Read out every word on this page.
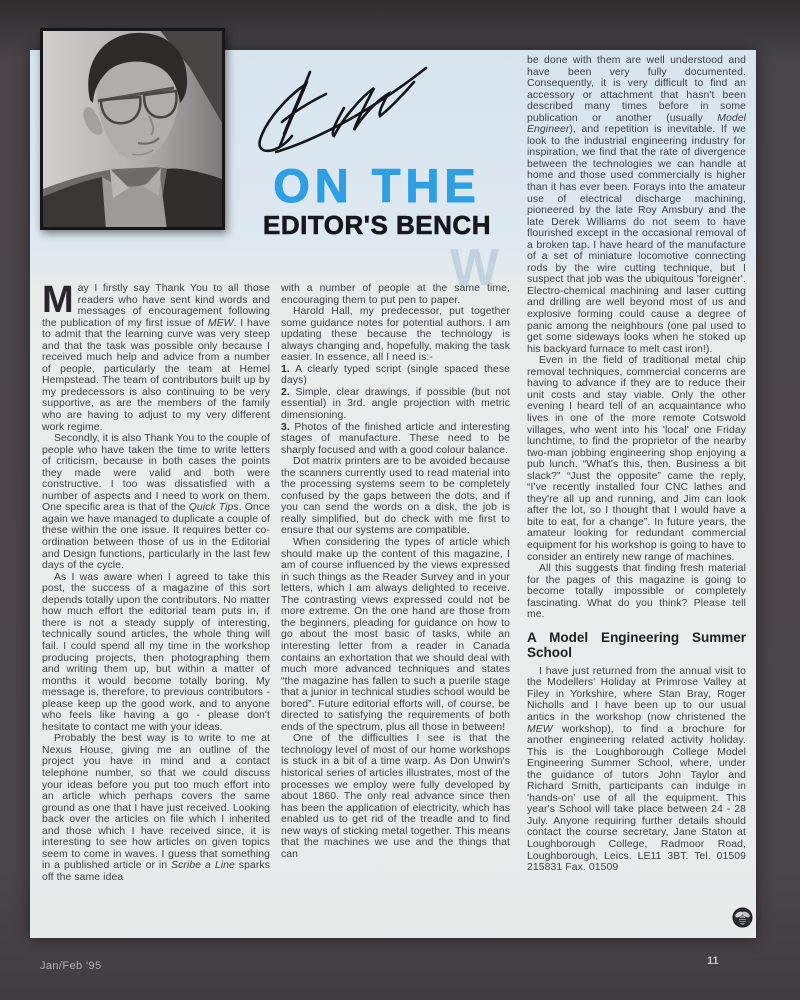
ON THE
EDITOR'S BENCH
W

May I firstly say Thank You to all those readers who have sent kind words and messages of encouragement following the publication of my first issue of MEW. I have to admit that the learning curve was very steep and that the task was possible only because I received much help and advice from a number of people, particularly the team at Hemel Hempstead. The team of contributors built up by my predecessors is also continuing to be very supportive, as are the members of the family who are having to adjust to my very different work regime.

Secondly, it is also Thank You to the couple of people who have taken the time to write letters of criticism, because in both cases the points they made were valid and both were constructive. I too was dissatisfied with a number of aspects and I need to work on them. One specific area is that of the Quick Tips. Once again we have managed to duplicate a couple of these within the one issue. It requires better co-ordination between those of us in the Editorial and Design functions, particularly in the last few days of the cycle.

As I was aware when I agreed to take this post, the success of a magazine of this sort depends totally upon the contributors. No matter how much effort the editorial team puts in, if there is not a steady supply of interesting, technically sound articles, the whole thing will fail. I could spend all my time in the workshop producing projects, then photographing them and writing them up, but within a matter of months it would become totally boring. My message is, therefore, to previous contributors - please keep up the good work, and to anyone who feels like having a go - please don't hesitate to contact me with your ideas.

Probably the best way is to write to me at Nexus House, giving me an outline of the project you have in mind and a contact telephone number, so that we could discuss your ideas before you put too much effort into an article which perhaps covers the same ground as one that I have just received. Looking back over the articles on file which I inherited and those which I have received since, it is interesting to see how articles on given topics seem to come in waves. I guess that something in a published article or in Scribe a Line sparks off the same idea

with a number of people at the same time, encouraging them to put pen to paper.

Harold Hall, my predecessor, put together some guidance notes for potential authors. I am updating these because the technology is always changing and, hopefully, making the task easier. In essence, all I need is:-

1. A clearly typed script (single spaced these days)

2. Simple, clear drawings, if possible (but not essential) in 3rd. angle projection with metric dimensioning.

3. Photos of the finished article and interesting stages of manufacture. These need to be sharply focused and with a good colour balance.

Dot matrix printers are to be avoided because the scanners currently used to read material into the processing systems seem to be completely confused by the gaps between the dots, and if you can send the words on a disk, the job is really simplified, but do check with me first to ensure that our systems are compatible.

When considering the types of article which should make up the content of this magazine, I am of course influenced by the views expressed in such things as the Reader Survey and in your letters, which I am always delighted to receive. The contrasting views expressed could not be more extreme. On the one hand are those from the beginners, pleading for guidance on how to go about the most basic of tasks, while an interesting letter from a reader in Canada contains an exhortation that we should deal with much more advanced techniques and states “the magazine has fallen to such a puerile stage that a junior in technical studies school would be bored”. Future editorial efforts will, of course, be directed to satisfying the requirements of both ends of the spectrum, plus all those in between!

One of the difficulties I see is that the technology level of most of our home workshops is stuck in a bit of a time warp. As Don Unwin's historical series of articles illustrates, most of the processes we employ were fully developed by about 1860. The only real advance since then has been the application of electricity, which has enabled us to get rid of the treadle and to find new ways of sticking metal together. This means that the machines we use and the things that can

be done with them are well understood and have been very fully documented. Consequently, it is very difficult to find an accessory or attachment that hasn't been described many times before in some publication or another (usually Model Engineer), and repetition is inevitable. If we look to the industrial engineering industry for inspiration, we find that the rate of divergence between the technologies we can handle at home and those used commercially is higher than it has ever been. Forays into the amateur use of electrical discharge machining, pioneered by the late Roy Amsbury and the late Derek Williams do not seem to have flourished except in the occasional removal of a broken tap. I have heard of the manufacture of a set of miniature locomotive connecting rods by the wire cutting technique, but I suspect that job was the ubiquitous 'foreigner'. Electro-chemical machining and laser cutting and drilling are well beyond most of us and explosive forming could cause a degree of panic among the neighbours (one pal used to get some sideways looks when he stoked up his backyard furnace to melt cast iron!).

Even in the field of traditional metal chip removal techniques, commercial concerns are having to advance if they are to reduce their unit costs and stay viable. Only the other evening I heard tell of an acquaintance who lives in one of the more remote Cotswold villages, who went into his 'local' one Friday lunchtime, to find the proprietor of the nearby two-man jobbing engineering shop enjoying a pub lunch. “What's this, then. Business a bit slack?” “Just the opposite” came the reply, “I've recently installed four CNC lathes and they're all up and running, and Jim can look after the lot, so I thought that I would have a bite to eat, for a change”. In future years, the amateur looking for redundant commercial equipment for his workshop is going to have to consider an entirely new range of machines.

All this suggests that finding fresh material for the pages of this magazine is going to become totally impossible or completely fascinating. What do you think? Please tell me.

A Model Engineering Summer School

I have just returned from the annual visit to the Modellers' Holiday at Primrose Valley at Filey in Yorkshire, where Stan Bray, Roger Nicholls and I have been up to our usual antics in the workshop (now christened the MEW workshop), to find a brochure for another engineering related activity holiday. This is the Loughborough College Model Engineering Summer School, where, under the guidance of tutors John Taylor and Richard Smith, participants can indulge in 'hands-on' use of all the equipment. This year's School will take place between 24 - 28 July. Anyone requiring further details should contact the course secretary, Jane Staton at Loughborough College, Radmoor Road, Loughborough, Leics. LE11 3BT. Tel. 01509 215831 Fax. 01509

Jan/Feb '95	11
